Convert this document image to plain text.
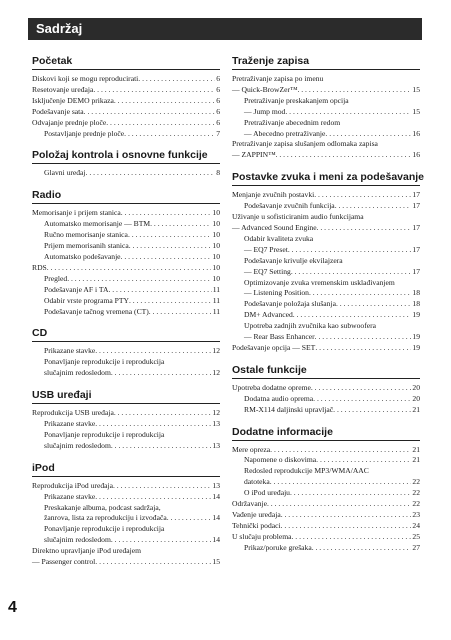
Sadržaj
Početak
Diskovi koji se mogu reproducirati . . .	6
Resetovanje uređaja . . .	6
Isključenje DEMO prikaza . . .	6
Podešavanje sata . . .	6
Odvajanje prednje ploče . . .	6
Postavljanje prednje ploče . . .	7
Položaj kontrola i osnovne funkcije
Glavni uređaj . . .	8
Radio
Memorisanje i prijem stanica . . .	10
Automatsko memorisanje — BTM . . .	10
Ručno memorisanje stanica . . .	10
Prijem memorisanih stanica . . .	10
Automatsko podešavanje . . .	10
RDS . . .	10
Pregled . . .	10
Podešavanje AF i TA . . .	11
Odabir vrste programa PTY . . .	11
Podešavanje tačnog vremena (CT) . . .	11
CD
Prikazane stavke . . .	12
Ponavljanje reprodukcije i reprodukcija
slučajnim redosledom . . .	12
USB uređaji
Reprodukcija USB uređaja . . .	12
Prikazane stavke . . .	13
Ponavljanje reprodukcije i reprodukcija
slučajnim redosledom . . .	13
iPod
Reprodukcija iPod uređaja . . .	13
Prikazane stavke . . .	14
Preskakanje albuma, podcast sadržaja,
žanrova, lista za reprodukciju i izvođača . . .	14
Ponavljanje reprodukcije i reprodukcija
slučajnim redosledom . . .	14
Direktno upravljanje iPod uređajem
— Passenger control . . .	15
Traženje zapisa
Pretraživanje zapisa po imenu
— Quick-BrowZer™ . . .	15
Pretraživanje preskakanjem opcija
— Jump mod . . .	15
Pretraživanje abecednim redom
— Abecedno pretraživanje . . .	16
Pretraživanje zapisa slušanjem odlomaka zapisa
— ZAPPIN™ . . .	16
Postavke zvuka i meni za podešavanje
Menjanje zvučnih postavki . . .	17
Podešavanje zvučnih funkcija . . .	17
Uživanje u sofisticiranim audio funkcijama
— Advanced Sound Engine . . .	17
Odabir kvaliteta zvuka
— EQ7 Preset . . .	17
Podešavanje krivulje ekvilajzera
— EQ7 Setting . . .	17
Optimizovanje zvuka vremenskim usklađivanjem
— Listening Position . . .	18
Podešavanje položaja slušanja . . .	18
DM+ Advanced . . .	19
Upotreba zadnjih zvučnika kao subwoofera
— Rear Bass Enhancer . . .	19
Podešavanje opcija — SET . . .	19
Ostale funkcije
Upotreba dodatne opreme . . .	20
Dodatna audio oprema . . .	20
RM-X114 daljinski upravljač . . .	21
Dodatne informacije
Mere opreza . . .	21
Napomene o diskovima . . .	21
Redosled reprodukcije MP3/WMA/AAC
datoteka . . .	22
O iPod uređaju . . .	22
Održavanje . . .	22
Vađenje uređaja . . .	23
Tehnički podaci . . .	24
U slučaju problema . . .	25
Prikaz/poruke grešaka . . .	27
4
